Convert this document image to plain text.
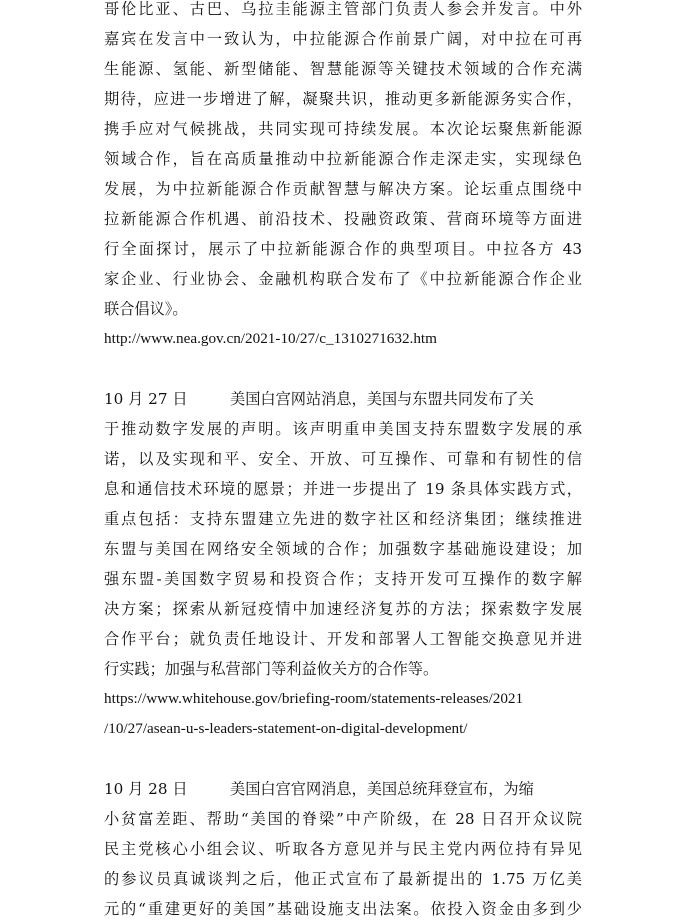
哥伦比亚、古巴、乌拉圭能源主管部门负责人参会并发言。中外
嘉宾在发言中一致认为，中拉能源合作前景广阔，对中拉在可再
生能源、氢能、新型储能、智慧能源等关键技术领域的合作充满
期待，应进一步增进了解，凝聚共识，推动更多新能源务实合作，
携手应对气候挑战，共同实现可持续发展。本次论坛聚焦新能源
领域合作，旨在高质量推动中拉新能源合作走深走实，实现绿色
发展，为中拉新能源合作贡献智慧与解决方案。论坛重点围绕中
拉新能源合作机遇、前沿技术、投融资政策、营商环境等方面进
行全面探讨，展示了中拉新能源合作的典型项目。中拉各方 43
家企业、行业协会、金融机构联合发布了《中拉新能源合作企业
联合倡议》。
http://www.nea.gov.cn/2021-10/27/c_1310271632.htm
10 月 27 日	美国白宫网站消息，美国与东盟共同发布了关
于推动数字发展的声明。该声明重申美国支持东盟数字发展的承
诺，以及实现和平、安全、开放、可互操作、可靠和有韧性的信
息和通信技术环境的愿景；并进一步提出了 19 条具体实践方式，
重点包括：支持东盟建立先进的数字社区和经济集团；继续推进
东盟与美国在网络安全领域的合作；加强数字基础施设建设；加
强东盟-美国数字贸易和投资合作；支持开发可互操作的数字解
决方案；探索从新冠疫情中加速经济复苏的方法；探索数字发展
合作平台；就负责任地设计、开发和部署人工智能交换意见并进
行实践；加强与私营部门等利益攸关方的合作等。
https://www.whitehouse.gov/briefing-room/statements-releases/2021
/10/27/asean-u-s-leaders-statement-on-digital-development/
10 月 28 日	美国白宫官网消息，美国总统拜登宣布，为缩
小贫富差距、帮助“美国的脊梁”中产阶级，在 28 日召开众议院
民主党核心小组会议、听取各方意见并与民主党内两位持有异见
的参议员真诚谈判之后，他正式宣布了最新提出的 1.75 万亿美
元的“重建更好的美国”基础设施支出法案。依投入资金由多到少
